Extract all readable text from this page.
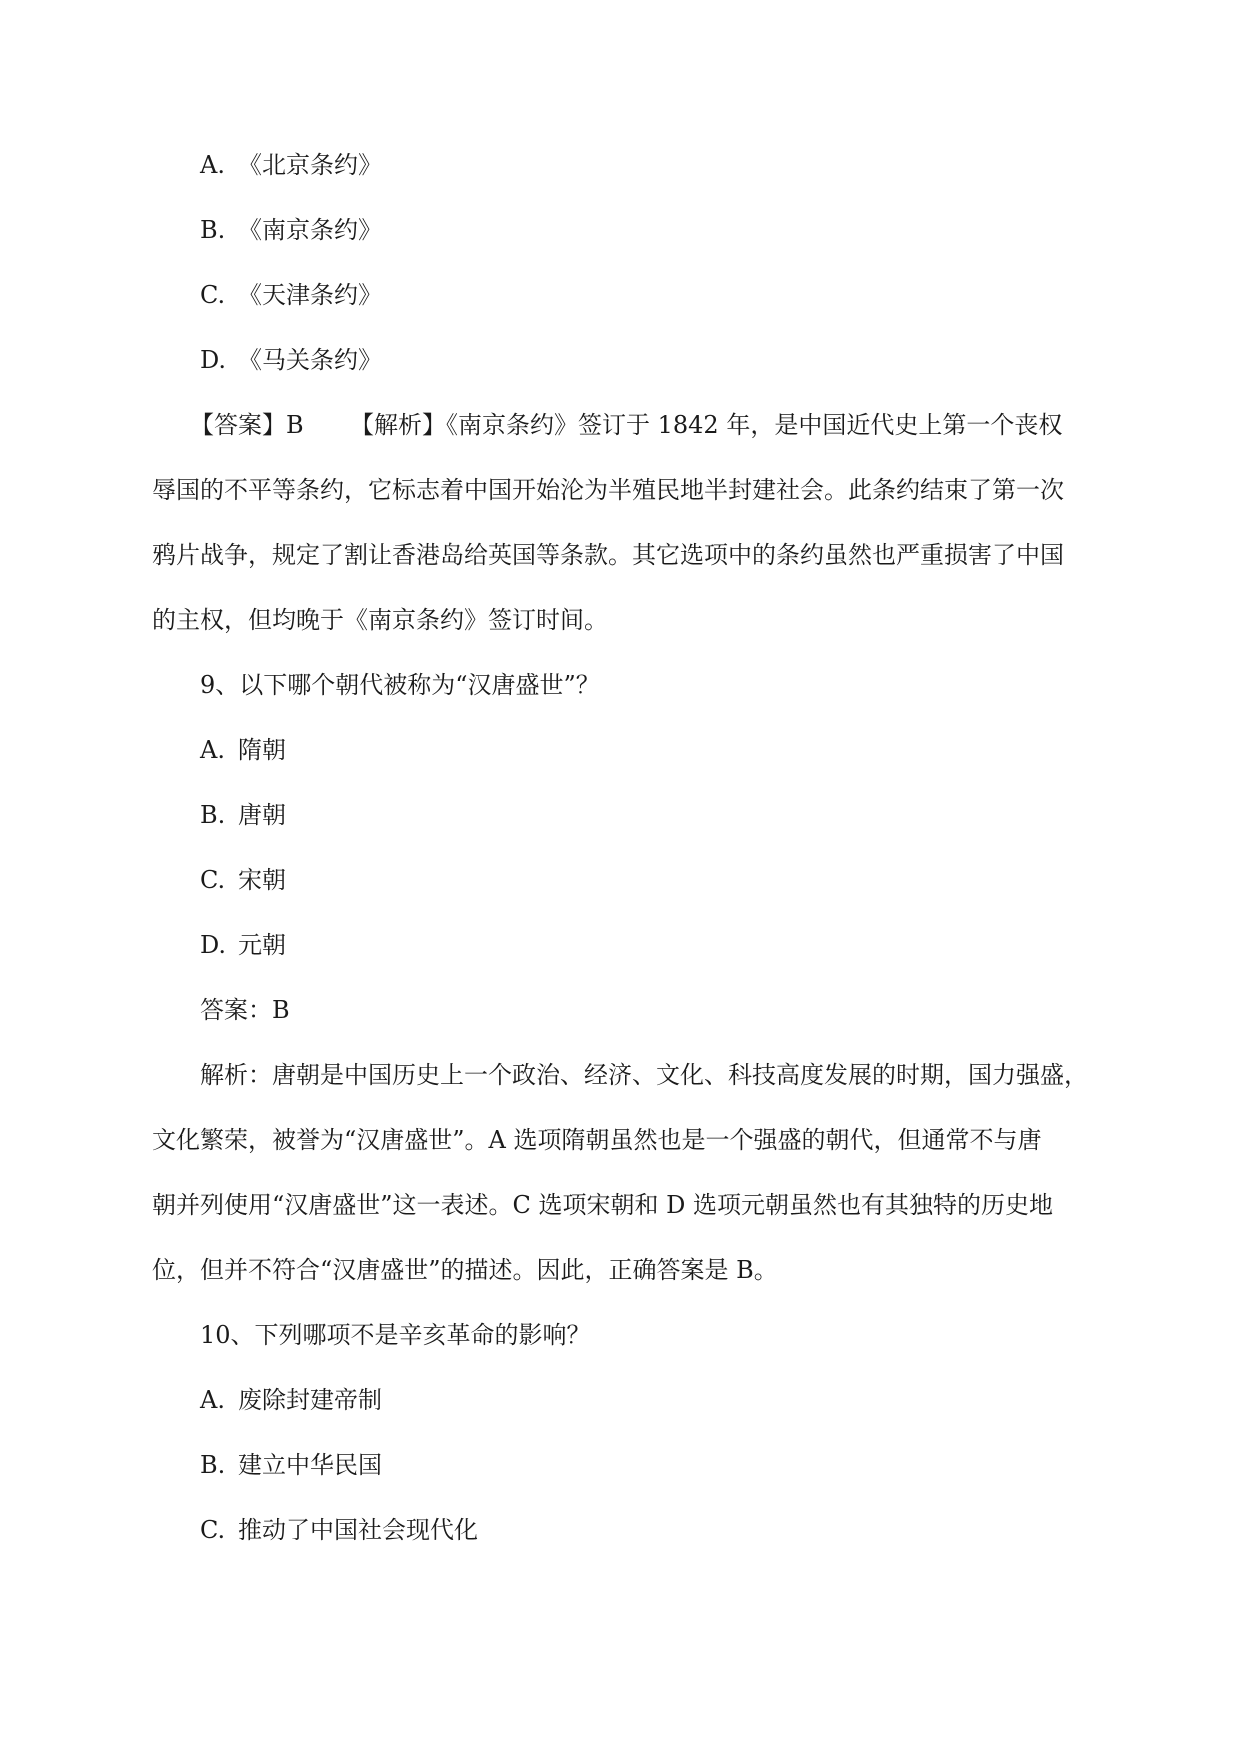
A. 《北京条约》

B. 《南京条约》

C. 《天津条约》

D. 《马关条约》

【答案】B 【解析】《南京条约》签订于 1842 年，是中国近代史上第一个丧权

辱国的不平等条约，它标志着中国开始沦为半殖民地半封建社会。此条约结束了第一次

鸦片战争，规定了割让香港岛给英国等条款。其它选项中的条约虽然也严重损害了中国

的主权，但均晚于《南京条约》签订时间。

9、以下哪个朝代被称为“汉唐盛世”？

A. 隋朝

B. 唐朝

C. 宋朝

D. 元朝

答案：B

解析：唐朝是中国历史上一个政治、经济、文化、科技高度发展的时期，国力强盛，

文化繁荣，被誉为“汉唐盛世”。A 选项隋朝虽然也是一个强盛的朝代，但通常不与唐

朝并列使用“汉唐盛世”这一表述。C 选项宋朝和 D 选项元朝虽然也有其独特的历史地

位，但并不符合“汉唐盛世”的描述。因此，正确答案是 B。

10、下列哪项不是辛亥革命的影响？

A. 废除封建帝制

B. 建立中华民国

C. 推动了中国社会现代化
